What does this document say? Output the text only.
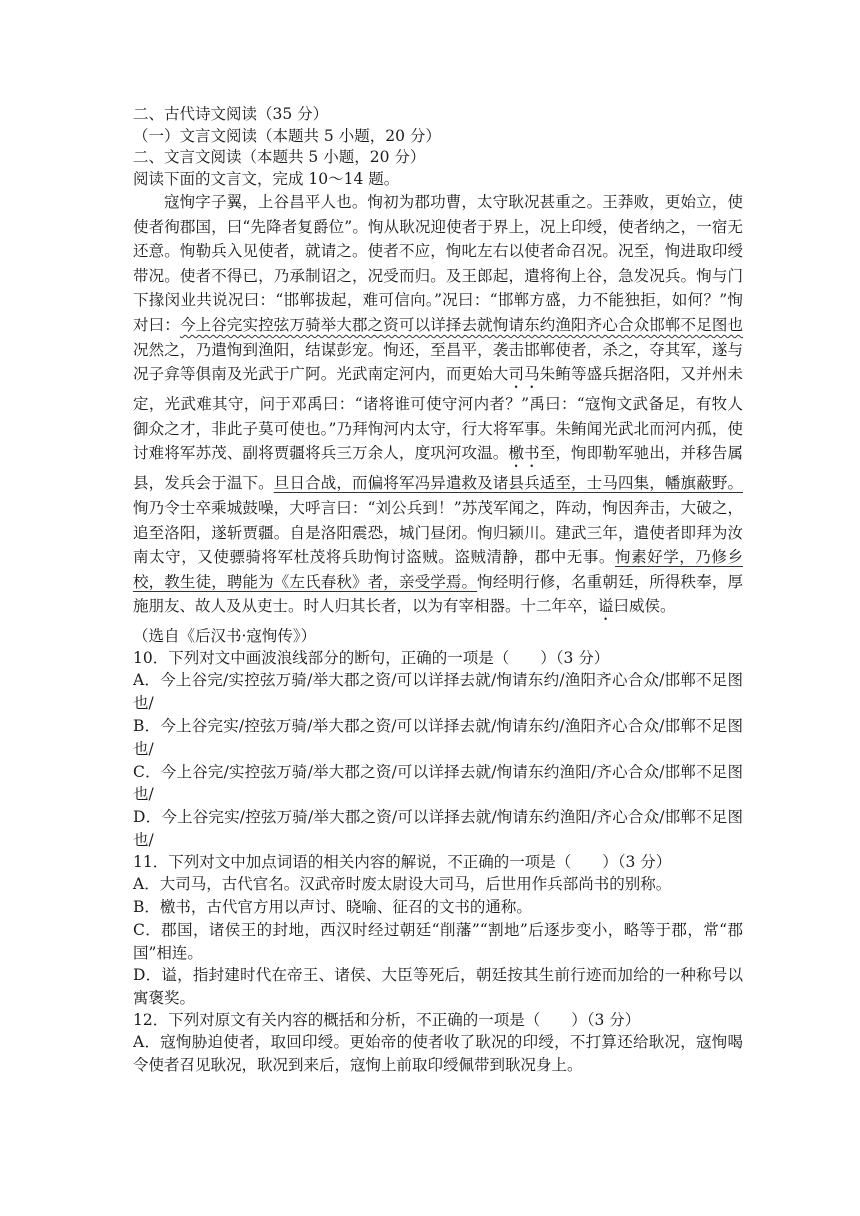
二、古代诗文阅读（35 分）
（一）文言文阅读（本题共 5 小题，20 分）
二、文言文阅读（本题共 5 小题，20 分）
阅读下面的文言文，完成 10～14 题。

寇恂字子翼，上谷昌平人也。恂初为郡功曹，太守耿况甚重之。王莽败，更始立，使使者徇郡国，曰“先降者复爵位”。恂从耿况迎使者于界上，况上印绶，使者纳之，一宿无还意。恂勒兵入见使者，就请之。使者不应，恂叱左右以使者命召况。况至，恂进取印绶带况。使者不得已，乃承制诏之，况受而归。及王郎起，遣将徇上谷，急发况兵。恂与门下掾闵业共说况曰：“邯郸拔起，难可信向。”况曰：“邯郸方盛，力不能独拒，如何？”恂对曰：今上谷完实控弦万骑举大郡之资可以详择去就恂请东约渔阳齐心合众邯郸不足图也况然之，乃遣恂到渔阳，结谋彭宠。恂还，至昌平，袭击邯郸使者，杀之，夺其军，遂与况子弇等俱南及光武于广阿。光武南定河内，而更始大司马朱鲔等盛兵据洛阳，又并州未定，光武难其守，问于邓禹曰：“诸将谁可使守河内者？”禹曰：“寇恂文武备足，有牧人御众之才，非此子莫可使也。”乃拜恂河内太守，行大将军事。朱鲔闻光武北而河内孤，使讨难将军苏茂、副将贾疆将兵三万余人，度巩河攻温。檄书至，恂即勒军驰出，并移告属县，发兵会于温下。旦日合战，而偏将军冯异遣救及诸县兵适至，士马四集，幡旗蔽野。恂乃令士卒乘城鼓噪，大呼言曰：“刘公兵到！”苏茂军闻之，阵动，恂因奔击，大破之，追至洛阳，遂斩贾疆。自是洛阳震恐，城门昼闭。恂归颍川。建武三年，遣使者即拜为汝南太守，又使骠骑将军杜茂将兵助恂讨盗贼。盗贼清静，郡中无事。恂素好学，乃修乡校，教生徒，聘能为《左氏春秋》者，亲受学焉。恂经明行修，名重朝廷，所得秩奉，厚施朋友、故人及从吏士。时人归其长者，以为有宰相器。十二年卒，谥曰威侯。

（选自《后汉书·寇恂传》）
10．下列对文中画波浪线部分的断句，正确的一项是（　　）（3 分）

A．今上谷完/实控弦万骑/举大郡之资/可以详择去就/恂请东约/渔阳齐心合众/邯郸不足图也/

B．今上谷完实/控弦万骑/举大郡之资/可以详择去就/恂请东约/渔阳齐心合众/邯郸不足图也/

C．今上谷完/实控弦万骑/举大郡之资/可以详择去就/恂请东约渔阳/齐心合众/邯郸不足图也/

D．今上谷完实/控弦万骑/举大郡之资/可以详择去就/恂请东约渔阳/齐心合众/邯郸不足图也/

11．下列对文中加点词语的相关内容的解说，不正确的一项是（　　）（3 分）

A．大司马，古代官名。汉武帝时废太尉设大司马，后世用作兵部尚书的别称。

B．檄书，古代官方用以声讨、晓喻、征召的文书的通称。

C．郡国，诸侯王的封地，西汉时经过朝廷“削藩”“割地”后逐步变小，略等于郡，常“郡国”相连。

D．谥，指封建时代在帝王、诸侯、大臣等死后，朝廷按其生前行迹而加给的一种称号以寓褒奖。

12．下列对原文有关内容的概括和分析，不正确的一项是（　　）（3 分）

A．寇恂胁迫使者，取回印绶。更始帝的使者收了耿况的印绶，不打算还给耿况，寇恂喝令使者召见耿况，耿况到来后，寇恂上前取印绶佩带到耿况身上。
